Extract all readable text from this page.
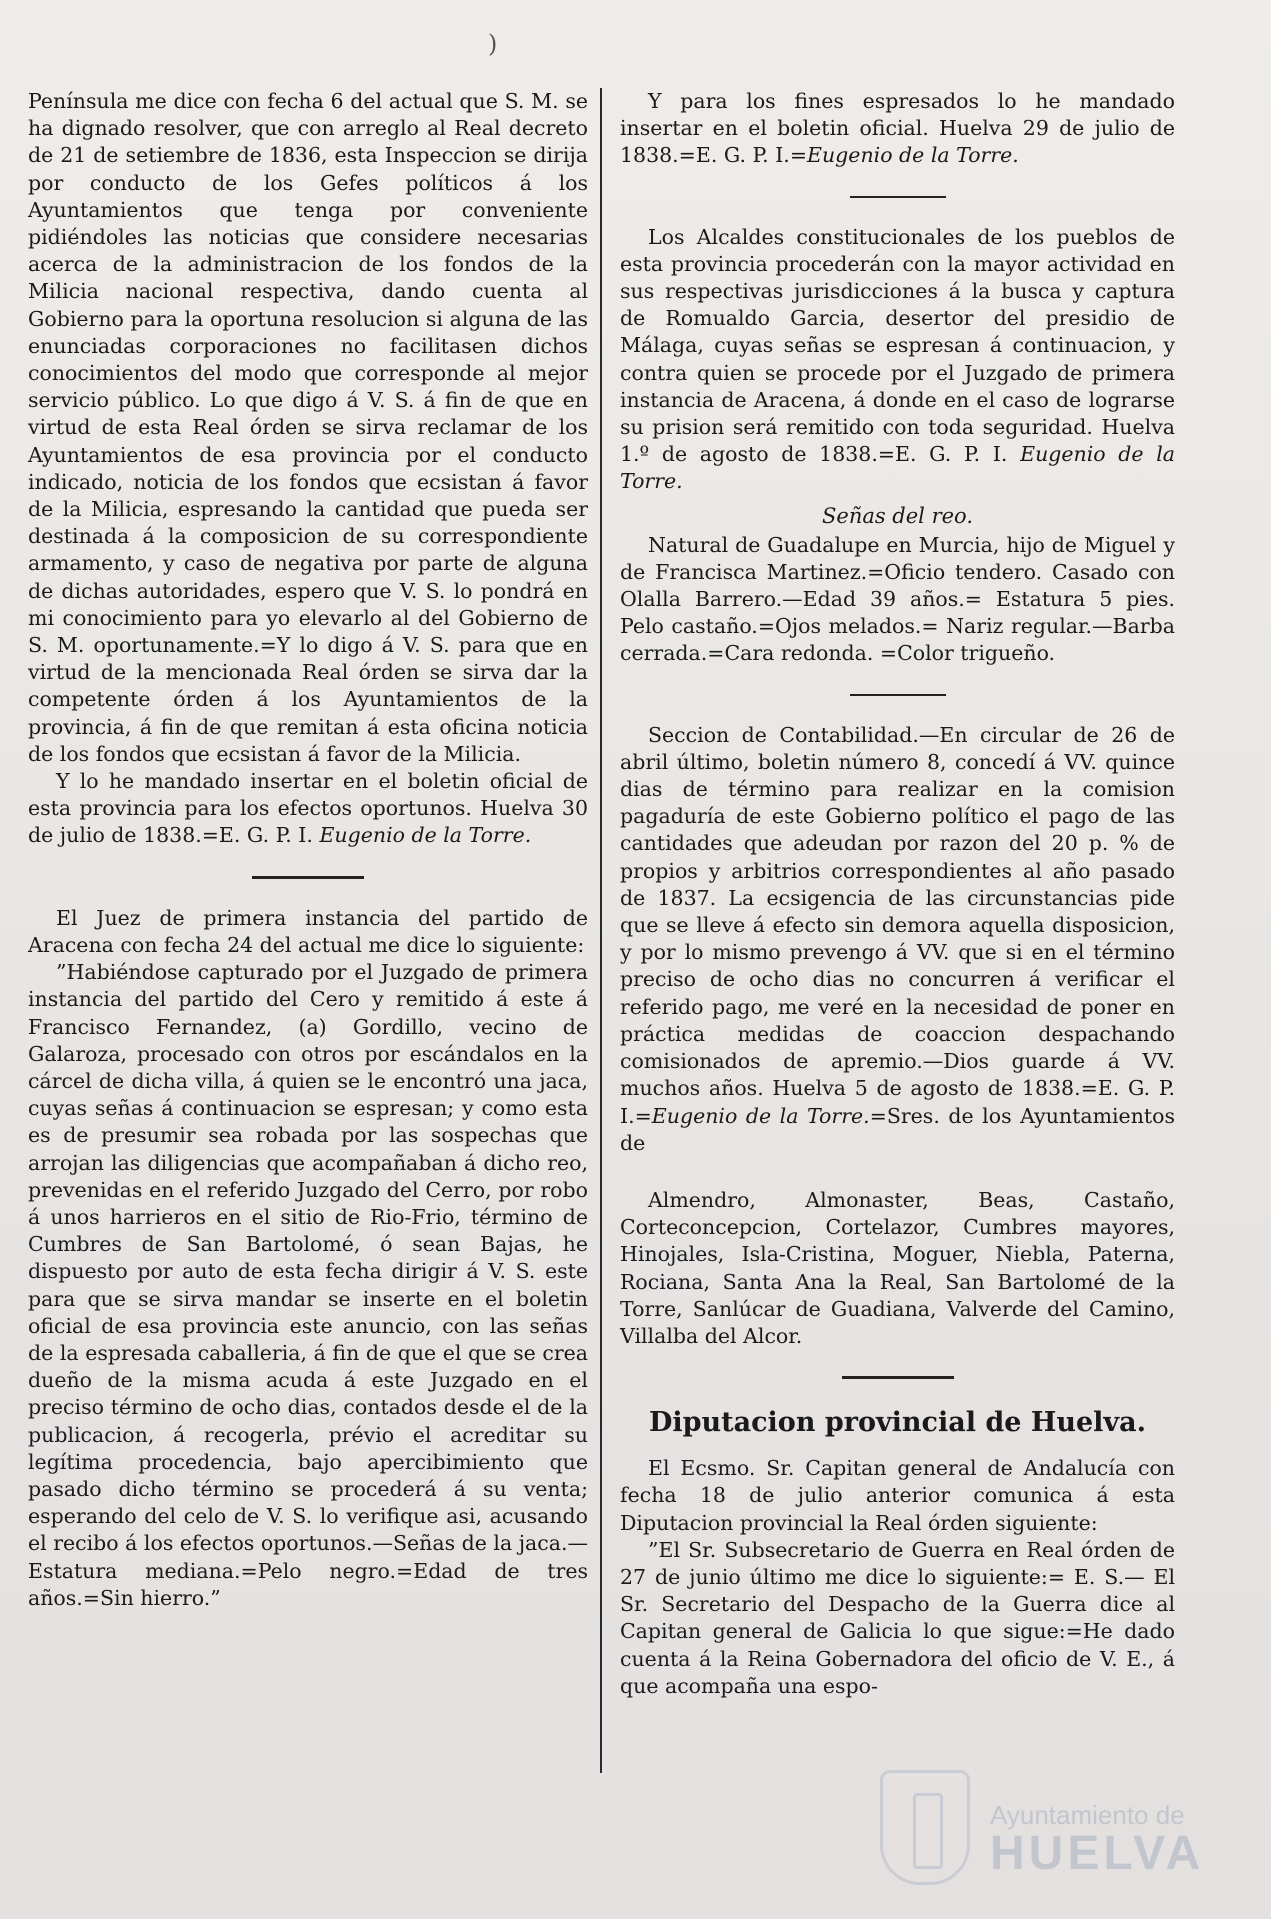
)

Península me dice con fecha 6 del actual que S. M. se ha dignado resolver, que con arreglo al Real decreto de 21 de setiembre de 1836, esta Inspeccion se dirija por conducto de los Gefes políticos á los Ayuntamientos que tenga por conveniente pidiéndoles las noticias que considere necesarias acerca de la administracion de los fondos de la Milicia nacional respectiva, dando cuenta al Gobierno para la oportuna resolucion si alguna de las enunciadas corporaciones no facilitasen dichos conocimientos del modo que corresponde al mejor servicio público. Lo que digo á V. S. á fin de que en virtud de esta Real órden se sirva reclamar de los Ayuntamientos de esa provincia por el conducto indicado, noticia de los fondos que ecsistan á favor de la Milicia, espresando la cantidad que pueda ser destinada á la composicion de su correspondiente armamento, y caso de negativa por parte de alguna de dichas autoridades, espero que V. S. lo pondrá en mi conocimiento para yo elevarlo al del Gobierno de S. M. oportunamente.=Y lo digo á V. S. para que en virtud de la mencionada Real órden se sirva dar la competente órden á los Ayuntamientos de la provincia, á fin de que remitan á esta oficina noticia de los fondos que ecsistan á favor de la Milicia.

Y lo he mandado insertar en el boletin oficial de esta provincia para los efectos oportunos. Huelva 30 de julio de 1838.=E. G. P. I. Eugenio de la Torre.

El Juez de primera instancia del partido de Aracena con fecha 24 del actual me dice lo siguiente:

”Habiéndose capturado por el Juzgado de primera instancia del partido del Cero y remitido á este á Francisco Fernandez, (a) Gordillo, vecino de Galaroza, procesado con otros por escándalos en la cárcel de dicha villa, á quien se le encontró una jaca, cuyas señas á continuacion se espresan; y como esta es de presumir sea robada por las sospechas que arrojan las diligencias que acompañaban á dicho reo, prevenidas en el referido Juzgado del Cerro, por robo á unos harrieros en el sitio de Rio-Frio, término de Cumbres de San Bartolomé, ó sean Bajas, he dispuesto por auto de esta fecha dirigir á V. S. este para que se sirva mandar se inserte en el boletin oficial de esa provincia este anuncio, con las señas de la espresada caballeria, á fin de que el que se crea dueño de la misma acuda á este Juzgado en el preciso término de ocho dias, contados desde el de la publicacion, á recogerla, prévio el acreditar su legítima procedencia, bajo apercibimiento que pasado dicho término se procederá á su venta; esperando del celo de V. S. lo verifique asi, acusando el recibo á los efectos oportunos.—Señas de la jaca.—Estatura mediana.=Pelo negro.=Edad de tres años.=Sin hierro.”

Y para los fines espresados lo he mandado insertar en el boletin oficial. Huelva 29 de julio de 1838.=E. G. P. I.=Eugenio de la Torre.

Los Alcaldes constitucionales de los pueblos de esta provincia procederán con la mayor actividad en sus respectivas jurisdicciones á la busca y captura de Romualdo Garcia, desertor del presidio de Málaga, cuyas señas se espresan á continuacion, y contra quien se procede por el Juzgado de primera instancia de Aracena, á donde en el caso de lograrse su prision será remitido con toda seguridad. Huelva 1.º de agosto de 1838.=E. G. P. I. Eugenio de la Torre.

Señas del reo.

Natural de Guadalupe en Murcia, hijo de Miguel y de Francisca Martinez.=Oficio tendero. Casado con Olalla Barrero.—Edad 39 años.= Estatura 5 pies. Pelo castaño.=Ojos melados.= Nariz regular.—Barba cerrada.=Cara redonda. =Color trigueño.

Seccion de Contabilidad.—En circular de 26 de abril último, boletin número 8, concedí á VV. quince dias de término para realizar en la comision pagaduría de este Gobierno político el pago de las cantidades que adeudan por razon del 20 p. % de propios y arbitrios correspondientes al año pasado de 1837. La ecsigencia de las circunstancias pide que se lleve á efecto sin demora aquella disposicion, y por lo mismo prevengo á VV. que si en el término preciso de ocho dias no concurren á verificar el referido pago, me veré en la necesidad de poner en práctica medidas de coaccion despachando comisionados de apremio.—Dios guarde á VV. muchos años. Huelva 5 de agosto de 1838.=E. G. P. I.=Eugenio de la Torre.=Sres. de los Ayuntamientos de

Almendro, Almonaster, Beas, Castaño, Corteconcepcion, Cortelazor, Cumbres mayores, Hinojales, Isla-Cristina, Moguer, Niebla, Paterna, Rociana, Santa Ana la Real, San Bartolomé de la Torre, Sanlúcar de Guadiana, Valverde del Camino, Villalba del Alcor.

Diputacion provincial de Huelva.

El Ecsmo. Sr. Capitan general de Andalucía con fecha 18 de julio anterior comunica á esta Diputacion provincial la Real órden siguiente:

”El Sr. Subsecretario de Guerra en Real órden de 27 de junio último me dice lo siguiente:= E. S.— El Sr. Secretario del Despacho de la Guerra dice al Capitan general de Galicia lo que sigue:=He dado cuenta á la Reina Gobernadora del oficio de V. E., á que acompaña una espo-

Ayuntamiento de
HUELVA
